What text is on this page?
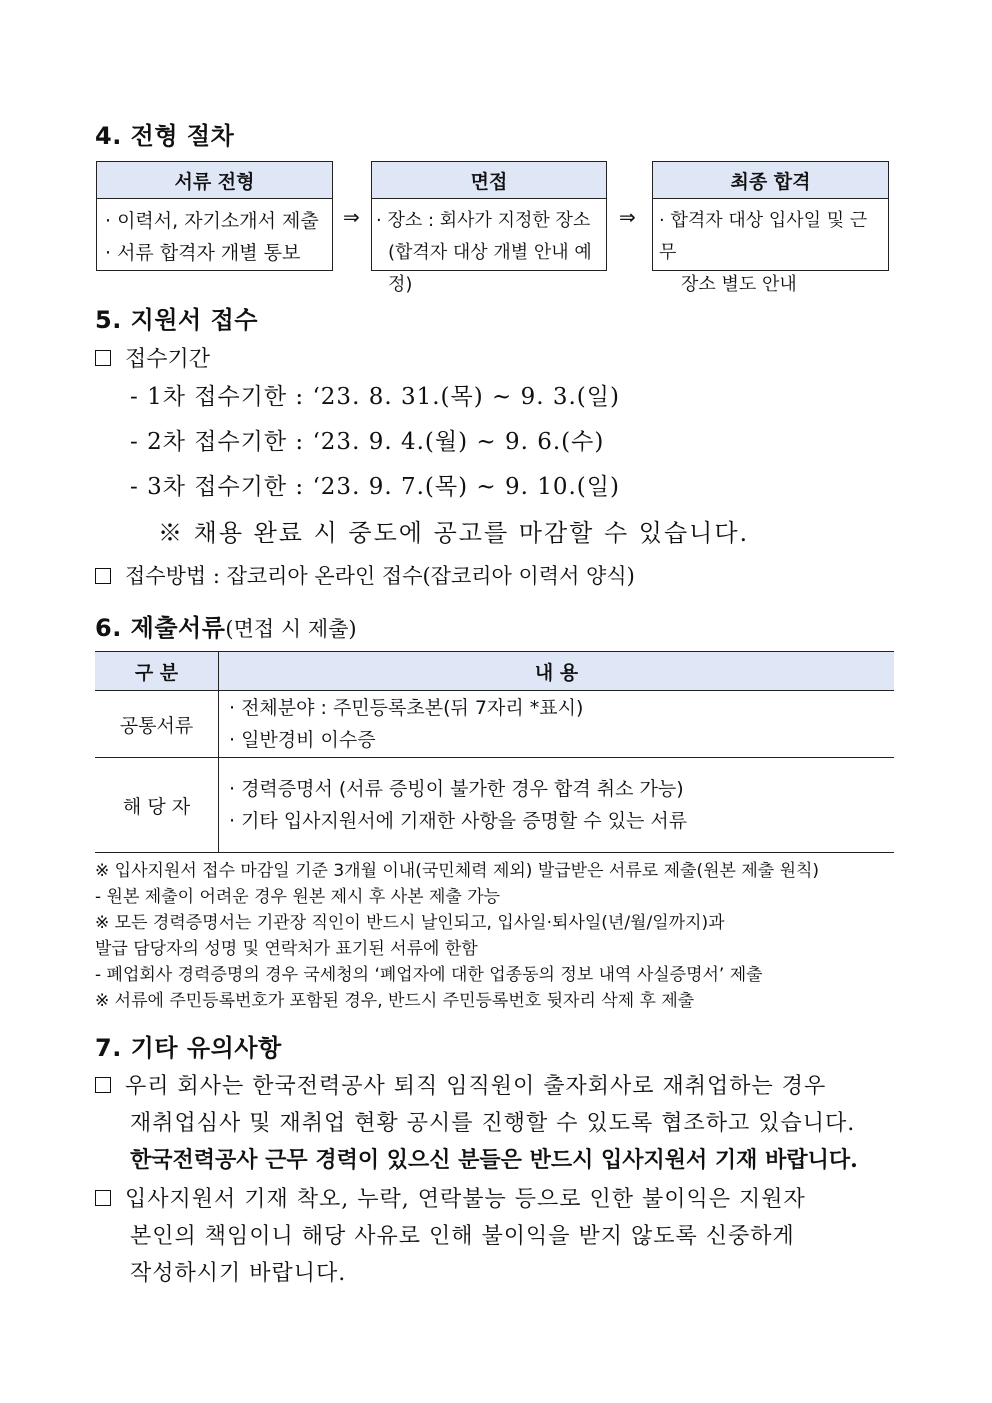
4. 전형 절차
서류 전형
· 이력서, 자기소개서 제출
· 서류 합격자 개별 통보
⇒
면접
· 장소 : 회사가 지정한 장소
(합격자 대상 개별 안내 예정)
⇒
최종 합격
· 합격자 대상 입사일 및 근무
장소 별도 안내
5. 지원서 접수
접수기간
- 1차 접수기한 : ‘23. 8. 31.(목) ~ 9. 3.(일)
- 2차 접수기한 : ‘23. 9. 4.(월) ~ 9. 6.(수)
- 3차 접수기한 : ‘23. 9. 7.(목) ~ 9. 10.(일)
※ 채용 완료 시 중도에 공고를 마감할 수 있습니다.
접수방법 : 잡코리아 온라인 접수(잡코리아 이력서 양식)
6. 제출서류(면접 시 제출)
구 분	내 용
공통서류	· 전체분야 : 주민등록초본(뒤 7자리 *표시)
· 일반경비 이수증

해 당 자	· 경력증명서 (서류 증빙이 불가한 경우 합격 취소 가능)
· 기타 입사지원서에 기재한 사항을 증명할 수 있는 서류
※ 입사지원서 접수 마감일 기준 3개월 이내(국민체력 제외) 발급받은 서류로 제출(원본 제출 원칙)
- 원본 제출이 어려운 경우 원본 제시 후 사본 제출 가능
※ 모든 경력증명서는 기관장 직인이 반드시 날인되고, 입사일·퇴사일(년/월/일까지)과
발급 담당자의 성명 및 연락처가 표기된 서류에 한함
- 폐업회사 경력증명의 경우 국세청의 ‘폐업자에 대한 업종동의 정보 내역 사실증명서’ 제출
※ 서류에 주민등록번호가 포함된 경우, 반드시 주민등록번호 뒷자리 삭제 후 제출
7. 기타 유의사항
우리 회사는 한국전력공사 퇴직 임직원이 출자회사로 재취업하는 경우
재취업심사 및 재취업 현황 공시를 진행할 수 있도록 협조하고 있습니다.
한국전력공사 근무 경력이 있으신 분들은 반드시 입사지원서 기재 바랍니다.
입사지원서 기재 착오, 누락, 연락불능 등으로 인한 불이익은 지원자
본인의 책임이니 해당 사유로 인해 불이익을 받지 않도록 신중하게
작성하시기 바랍니다.
